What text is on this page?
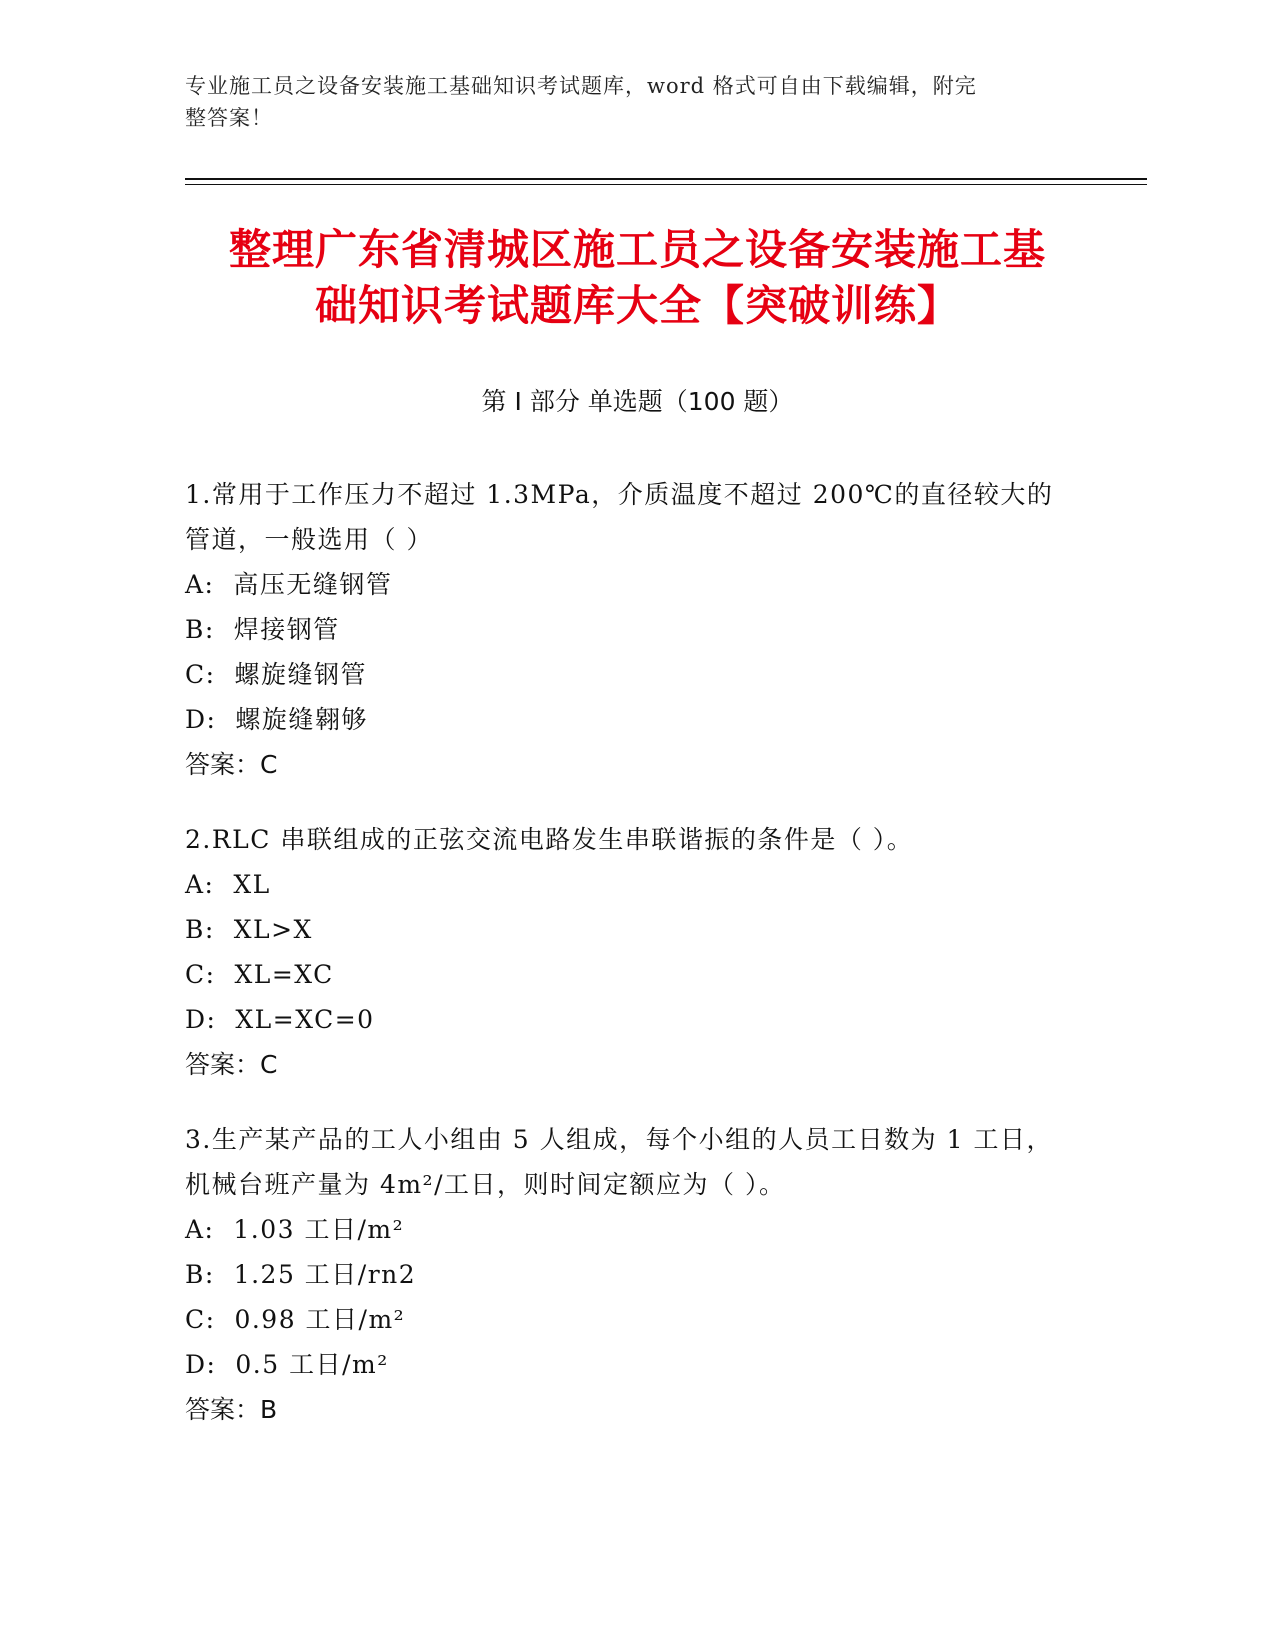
专业施工员之设备安装施工基础知识考试题库，word 格式可自由下载编辑，附完
整答案！
整理广东省清城区施工员之设备安装施工基
础知识考试题库大全【突破训练】
第 I 部分 单选题（100 题）

1.常用于工作压力不超过 1.3MPa，介质温度不超过 200℃的直径较大的管道，一般选用（ ）

A:  高压无缝钢管

B:  焊接钢管

C:  螺旋缝钢管

D:  螺旋缝翱够

答案：C

2.RLC 串联组成的正弦交流电路发生串联谐振的条件是（ ）。

A:  XL

B:  XL>X

C:  XL=XC

D:  XL=XC=0

答案：C

3.生产某产品的工人小组由 5 人组成，每个小组的人员工日数为 1 工日，机械台班产量为 4m²/工日，则时间定额应为（ ）。

A:  1.03 工日/m²

B:  1.25 工日/rn2

C:  0.98 工日/m²

D:  0.5 工日/m²

答案：B
